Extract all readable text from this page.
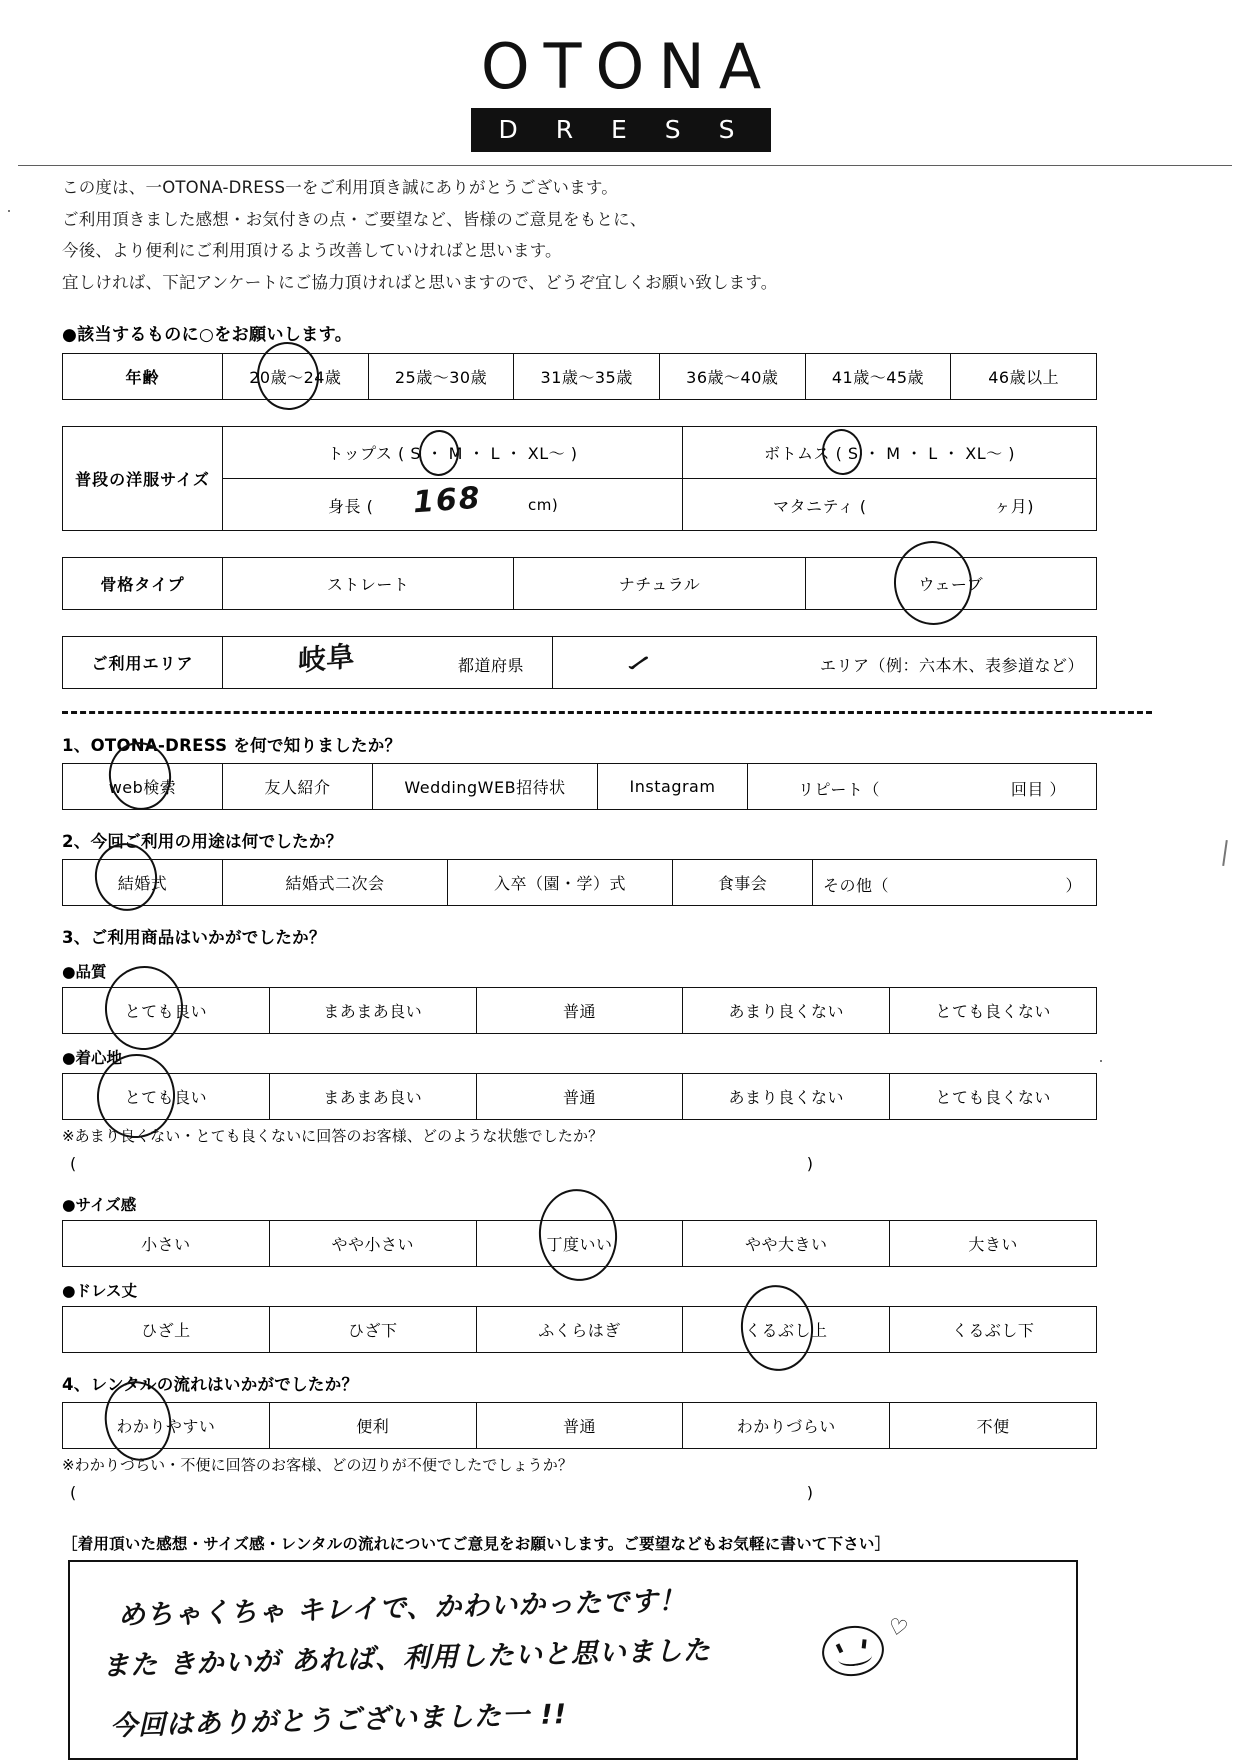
OTONA
D R E S S

この度は、一OTONA-DRESS一をご利用頂き誠にありがとうございます。

ご利用頂きました感想・お気付きの点・ご要望など、皆様のご意見をもとに、

今後、より便利にご利用頂けるよう改善していければと思います。

宜しければ、下記アンケートにご協力頂ければと思いますので、どうぞ宜しくお願い致します。

●該当するものに○をお願いします。
年齢	20歳〜24歳	25歳〜30歳	31歳〜35歳	36歳〜40歳	41歳〜45歳	46歳以上
普段の洋服サイズ	トップス ( S ・ M ・ L ・ XL〜 )	ボトムス ( S ・ M ・ L ・ XL〜 )

	身長 ( 168 cm)	マタニティ ( ヶ月)
骨格タイプ	ストレート	ナチュラル	ウェーブ
ご利用エリア	岐阜	都道府県	ー	エリア（例：六本木、表参道など）
1、OTONA-DRESS を何で知りましたか？
web検索	友人紹介	WeddingWEB招待状	Instagram	リピート（	回目 ）
2、今回ご利用の用途は何でしたか？
結婚式	結婚式二次会	入卒（園・学）式	食事会	その他（	）
3、ご利用商品はいかがでしたか？
●品質
とても良い	まあまあ良い	普通	あまり良くない	とても良くない
●着心地
とても良い	まあまあ良い	普通	あまり良くない	とても良くない
※あまり良くない・とても良くないに回答のお客様、どのような状態でしたか？
(	)
●サイズ感
小さい	やや小さい	丁度いい	やや大きい	大きい
●ドレス丈
ひざ上	ひざ下	ふくらはぎ	くるぶし上	くるぶし下
4、レンタルの流れはいかがでしたか？
わかりやすい	便利	普通	わかりづらい	不便
※わかりづらい・不便に回答のお客様、どの辺りが不便でしたでしょうか？
(	)
［着用頂いた感想・サイズ感・レンタルの流れについてご意見をお願いします。ご要望などもお気軽に書いて下さい］
めちゃくちゃ キレイで、かわいかったです！
また きかいが あれば、利用したいと思いました
♡
今回はありがとうございました一 !!
